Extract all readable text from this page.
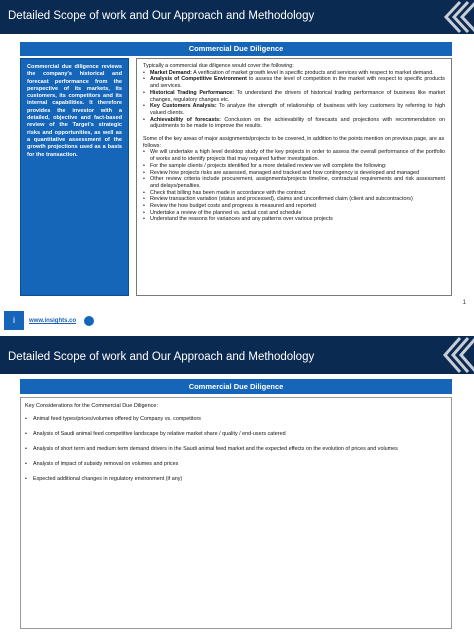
Detailed Scope of work and Our Approach and Methodology
Commercial Due Diligence

Commercial due diligence reviews the company's historical and forecast performance from the perspective of its markets, its customers, its competitors and its internal capabilities. It therefore provides the investor with a detailed, objective and fact-based review of the Target's strategic risks and opportunities, as well as a quantitative assessment of the growth projections used as a basis for the transaction.

Typically a commercial due diligence would cover the following:
• Market Demand: A verification of market growth level in specific products and services with respect to market demand.
• Analysis of Competitive Environment to assess the level of competition in the market with respect to specific products and services.
• Historical Trading Performance: To understand the drivers of historical trading performance of business like market changes, regulatory changes etc.
• Key Customers Analysis: To analyze the strength of relationship of business with key customers by referring to high valued clients.
• Achievability of forecasts: Conclusion on the achievability of forecasts and projections with recommendation on adjustments to be made to improve the results.
Some of the key areas of major assignments/projects to be covered, in addition to the points mention on previous page, are as follows:
• We will undertake a high level desktop study of the key projects in order to assess the overall performance of the portfolio of works and to identify projects that may required further investigation.
• For the sample clients / projects identified for a more detailed review we will complete the following:
• Review how projects risks are assessed, managed and tracked and how contingency is developed and managed
• Other review criteria include procurement, assignments/projects timeline, contractual requirements and risk assessment and delays/penalties.
• Check that billing has been made in accordance with the contract
• Review transaction variation (status and processed), claims and unconfirmed claim (client and subcontractors)
• Review the how budget costs and progress is measured and reported
• Undertake a review of the planned vs. actual cost and schedule
• Understand the reasons for variances and any patterns over various projects
1
i	www.insights.co
Detailed Scope of work and Our Approach and Methodology
Commercial Due Diligence
Key Considerations for the Commercial Due Diligence:
• Animal feed types/prices/volumes offered by Company vs. competitors
• Analysis of Saudi animal feed competitive landscape by relative market share / quality / end-users catered
• Analysis of short term and medium term demand drivers in the Saudi animal feed market and the expected effects on the evolution of prices and volumes
• Analysis of impact of subsidy removal on volumes and prices
• Expected additional changes in regulatory environment (if any)
